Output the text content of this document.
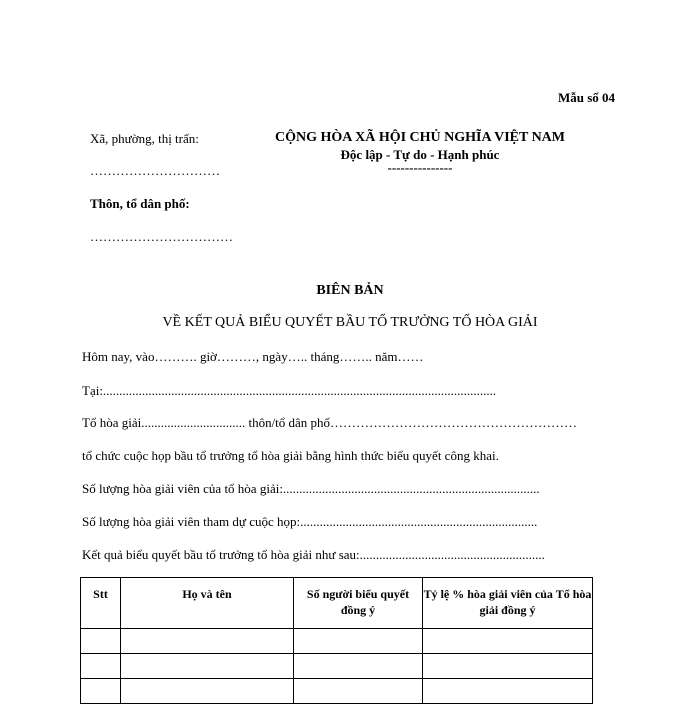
Mẫu số 04
Xã, phường, thị trấn:
…………………………
Thôn, tổ dân phố:
……………………………
CỘNG HÒA XÃ HỘI CHỦ NGHĨA VIỆT NAM
Độc lập - Tự do - Hạnh phúc
---------------
BIÊN BẢN
VỀ KẾT QUẢ BIỂU QUYẾT BẦU TỔ TRƯỞNG TỔ HÒA GIẢI
Hôm nay, vào………. giờ………, ngày….. tháng…….. năm……
Tại:.........................................................................................................................
Tổ hòa giải................................ thôn/tổ dân phố…………………………………………………
tổ chức cuộc họp bầu tổ trưởng tổ hòa giải bằng hình thức biểu quyết công khai.
Số lượng hòa giải viên của tổ hòa giải:...............................................................................
Số lượng hòa giải viên tham dự cuộc họp:.........................................................................
Kết quả biểu quyết bầu tổ trưởng tổ hòa giải như sau:.........................................................
Stt	Họ và tên	Số người biểu quyết đồng ý	Tỷ lệ % hòa giải viên của Tổ hòa giải đồng ý
